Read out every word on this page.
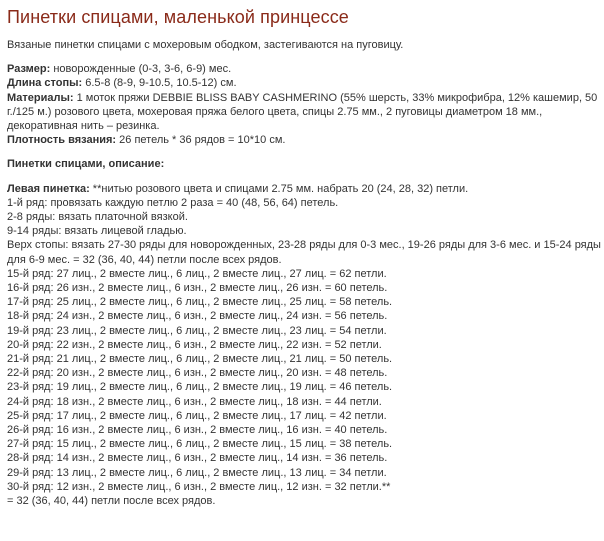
Пинетки спицами, маленькой принцессе
Вязаные пинетки спицами с мохеровым ободком, застегиваются на пуговицу.
Размер: новорожденные (0-3, 3-6, 6-9) мес.
Длина стопы: 6.5-8 (8-9, 9-10.5, 10.5-12) см.
Материалы: 1 моток пряжи DEBBIE BLISS BABY CASHMERINO (55% шерсть, 33% микрофибра, 12% кашемир, 50 г./125 м.) розового цвета, мохеровая пряжа белого цвета, спицы 2.75 мм., 2 пуговицы диаметром 18 мм., декоративная нить – резинка.
Плотность вязания: 26 петель * 36 рядов = 10*10 см.
Пинетки спицами, описание:
Левая пинетка: **нитью розового цвета и спицами 2.75 мм. набрать 20 (24, 28, 32) петли.
1-й ряд: провязать каждую петлю 2 раза = 40 (48, 56, 64) петель.
2-8 ряды: вязать платочной вязкой.
9-14 ряды: вязать лицевой гладью.
Верх стопы: вязать 27-30 ряды для новорожденных, 23-28 ряды для 0-3 мес., 19-26 ряды для 3-6 мес. и 15-24 ряды для 6-9 мес. = 32 (36, 40, 44) петли после всех рядов.
15-й ряд: 27 лиц., 2 вместе лиц., 6 лиц., 2 вместе лиц., 27 лиц. = 62 петли.
16-й ряд: 26 изн., 2 вместе лиц., 6 изн., 2 вместе лиц., 26 изн. = 60 петель.
17-й ряд: 25 лиц., 2 вместе лиц., 6 лиц., 2 вместе лиц., 25 лиц. = 58 петель.
18-й ряд: 24 изн., 2 вместе лиц., 6 изн., 2 вместе лиц., 24 изн. = 56 петель.
19-й ряд: 23 лиц., 2 вместе лиц., 6 лиц., 2 вместе лиц., 23 лиц. = 54 петли.
20-й ряд: 22 изн., 2 вместе лиц., 6 изн., 2 вместе лиц., 22 изн. = 52 петли.
21-й ряд: 21 лиц., 2 вместе лиц., 6 лиц., 2 вместе лиц., 21 лиц. = 50 петель.
22-й ряд: 20 изн., 2 вместе лиц., 6 изн., 2 вместе лиц., 20 изн. = 48 петель.
23-й ряд: 19 лиц., 2 вместе лиц., 6 лиц., 2 вместе лиц., 19 лиц. = 46 петель.
24-й ряд: 18 изн., 2 вместе лиц., 6 изн., 2 вместе лиц., 18 изн. = 44 петли.
25-й ряд: 17 лиц., 2 вместе лиц., 6 лиц., 2 вместе лиц., 17 лиц. = 42 петли.
26-й ряд: 16 изн., 2 вместе лиц., 6 изн., 2 вместе лиц., 16 изн. = 40 петель.
27-й ряд: 15 лиц., 2 вместе лиц., 6 лиц., 2 вместе лиц., 15 лиц. = 38 петель.
28-й ряд: 14 изн., 2 вместе лиц., 6 изн., 2 вместе лиц., 14 изн. = 36 петель.
29-й ряд: 13 лиц., 2 вместе лиц., 6 лиц., 2 вместе лиц., 13 лиц. = 34 петли.
30-й ряд: 12 изн., 2 вместе лиц., 6 изн., 2 вместе лиц., 12 изн. = 32 петли.**
= 32 (36, 40, 44) петли после всех рядов.
